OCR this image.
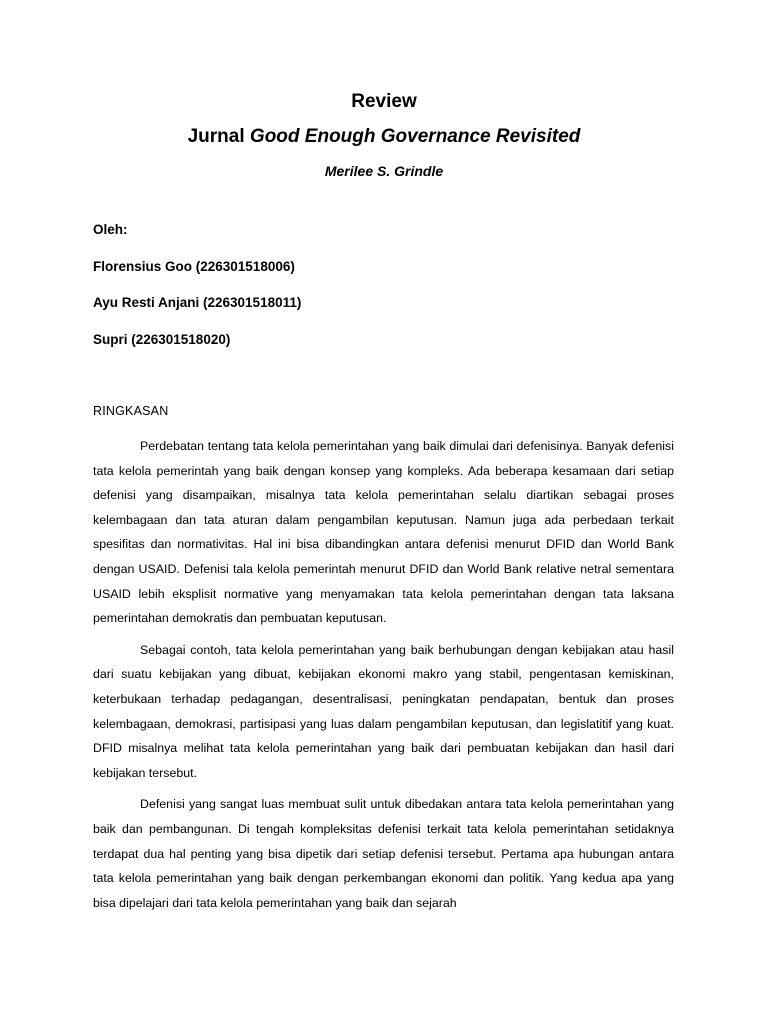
Review
Jurnal Good Enough Governance Revisited
Merilee S. Grindle
Oleh:
Florensius Goo (226301518006)
Ayu Resti Anjani (226301518011)
Supri (226301518020)
RINGKASAN

Perdebatan tentang tata kelola pemerintahan yang baik dimulai dari defenisinya. Banyak defenisi tata kelola pemerintah yang baik dengan konsep yang kompleks. Ada beberapa kesamaan dari setiap defenisi yang disampaikan, misalnya tata kelola pemerintahan selalu diartikan sebagai proses kelembagaan dan tata aturan dalam pengambilan keputusan. Namun juga ada perbedaan terkait spesifitas dan normativitas. Hal ini bisa dibandingkan antara defenisi menurut DFID dan World Bank dengan USAID. Defenisi tala kelola pemerintah menurut DFID dan World Bank relative netral sementara USAID lebih eksplisit normative yang menyamakan tata kelola pemerintahan dengan tata laksana pemerintahan demokratis dan pembuatan keputusan.

Sebagai contoh, tata kelola pemerintahan yang baik berhubungan dengan kebijakan atau hasil dari suatu kebijakan yang dibuat, kebijakan ekonomi makro yang stabil, pengentasan kemiskinan, keterbukaan terhadap pedagangan, desentralisasi, peningkatan pendapatan, bentuk dan proses kelembagaan, demokrasi, partisipasi yang luas dalam pengambilan keputusan, dan legislatitif yang kuat. DFID misalnya melihat tata kelola pemerintahan yang baik dari pembuatan kebijakan dan hasil dari kebijakan tersebut.

Defenisi yang sangat luas membuat sulit untuk dibedakan antara tata kelola pemerintahan yang baik dan pembangunan. Di tengah kompleksitas defenisi terkait tata kelola pemerintahan setidaknya terdapat dua hal penting yang bisa dipetik dari setiap defenisi tersebut. Pertama apa hubungan antara tata kelola pemerintahan yang baik dengan perkembangan ekonomi dan politik. Yang kedua apa yang bisa dipelajari dari tata kelola pemerintahan yang baik dan sejarah
